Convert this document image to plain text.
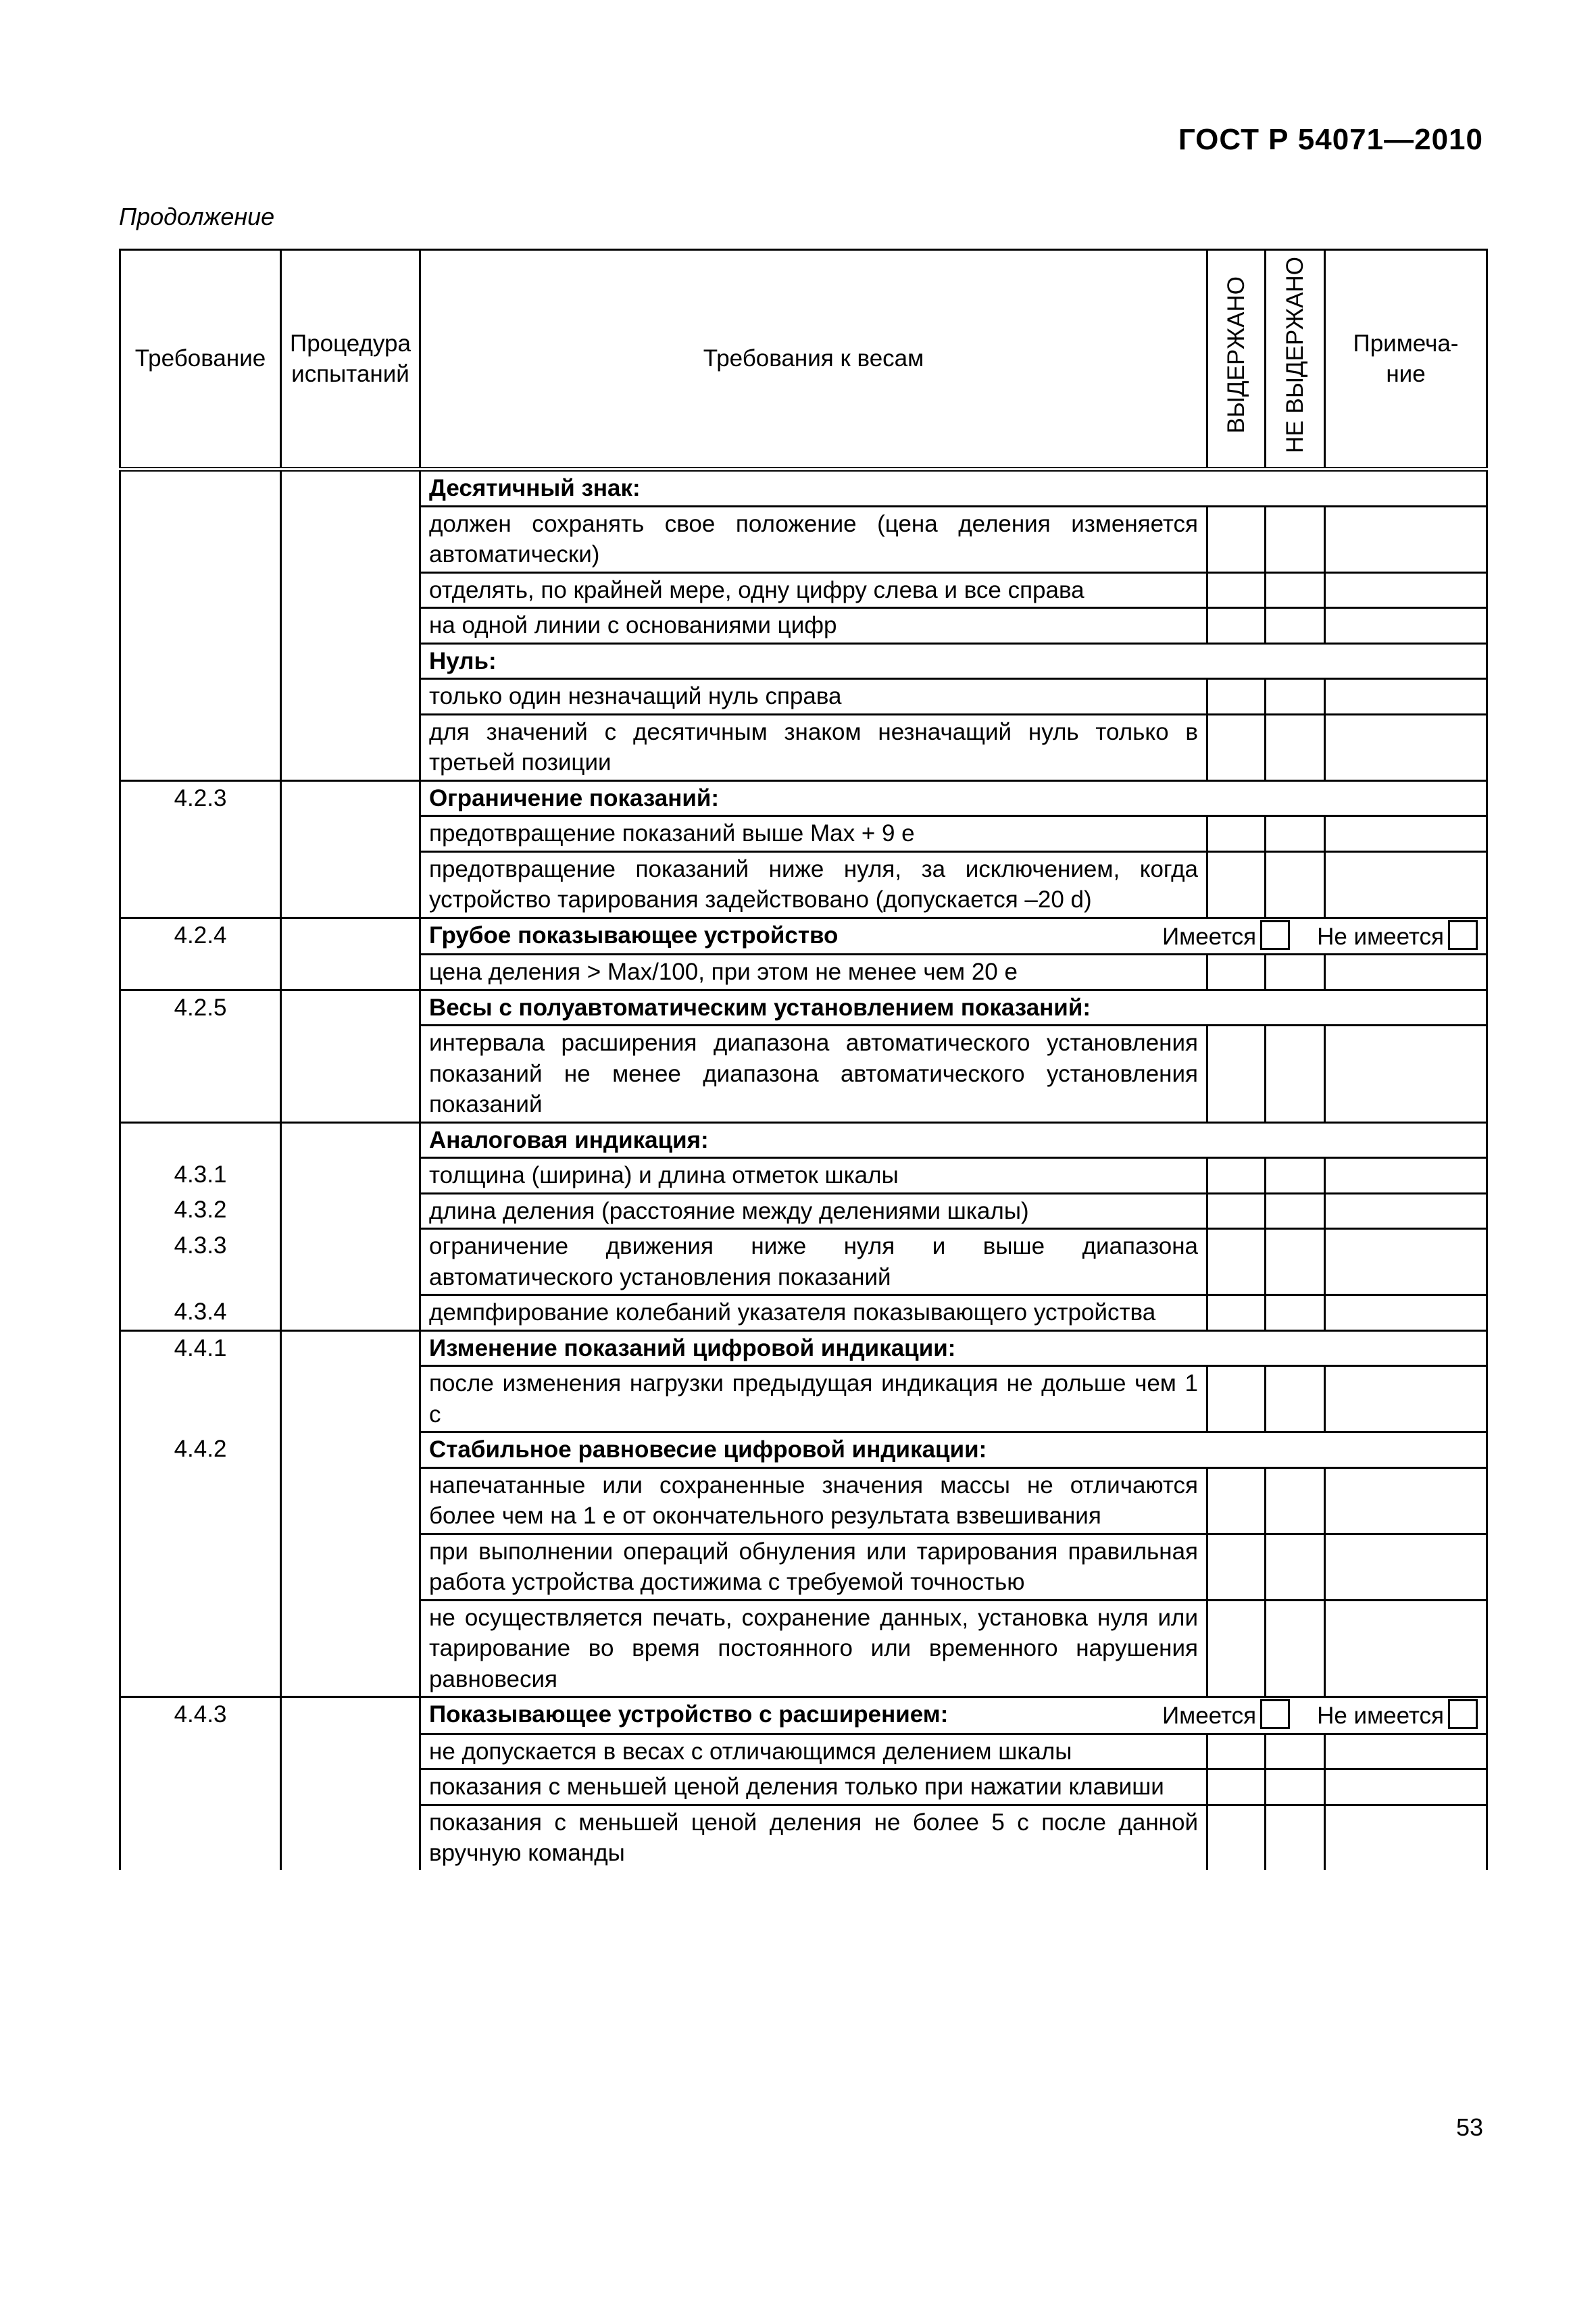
ГОСТ Р 54071—2010
Продолжение
Требование	Процедура испытаний	Требования к весам	ВЫДЕРЖАНО	НЕ ВЫДЕРЖАНО	Примеча-ние
		Десятичный знак:			
		должен сохранять свое положение (цена деления изменяется автоматически)			
		отделять, по крайней мере, одну цифру слева и все справа			
		на одной линии с основаниями цифр			
		Нуль:			
		только один незначащий нуль справа			
		для значений с десятичным знаком незначащий нуль только в третьей позиции			
4.2.3		Ограничение показаний:			
		предотвращение показаний выше Max + 9 e			
		предотвращение показаний ниже нуля, за исключением, когда устройство тарирования задействовано (допускается –20 d)			
4.2.4		Грубое показывающее устройство Имеется Не имеется			

		цена деления > Max/100, при этом не менее чем 20 e			
4.2.5		Весы с полуавтоматическим установлением показаний:			
		интервала расширения диапазона автоматического установления показаний не менее диапазона автоматического установления показаний			
		Аналоговая индикация:			
4.3.1		толщина (ширина) и длина отметок шкалы			
4.3.2		длина деления (расстояние между делениями шкалы)			
4.3.3		ограничение движения ниже нуля и выше диапазона автоматического установления показаний			
4.3.4		демпфирование колебаний указателя показывающего устройства			
4.4.1		Изменение показаний цифровой индикации:			
		после изменения нагрузки предыдущая индикация не дольше чем 1 с			
4.4.2		Стабильное равновесие цифровой индикации:			
		напечатанные или сохраненные значения массы не отличаются более чем на 1 e от окончательного результата взвешивания			
		при выполнении операций обнуления или тарирования правильная работа устройства достижима с требуемой точностью			
		не осуществляется печать, сохранение данных, установка нуля или тарирование во время постоянного или временного нарушения равновесия			
4.4.3		Показывающее устройство с расширением: Имеется Не имеется			

		не допускается в весах с отличающимся делением шкалы			
		показания с меньшей ценой деления только при нажатии клавиши			
		показания с меньшей ценой деления не более 5 с после данной вручную команды			
53
